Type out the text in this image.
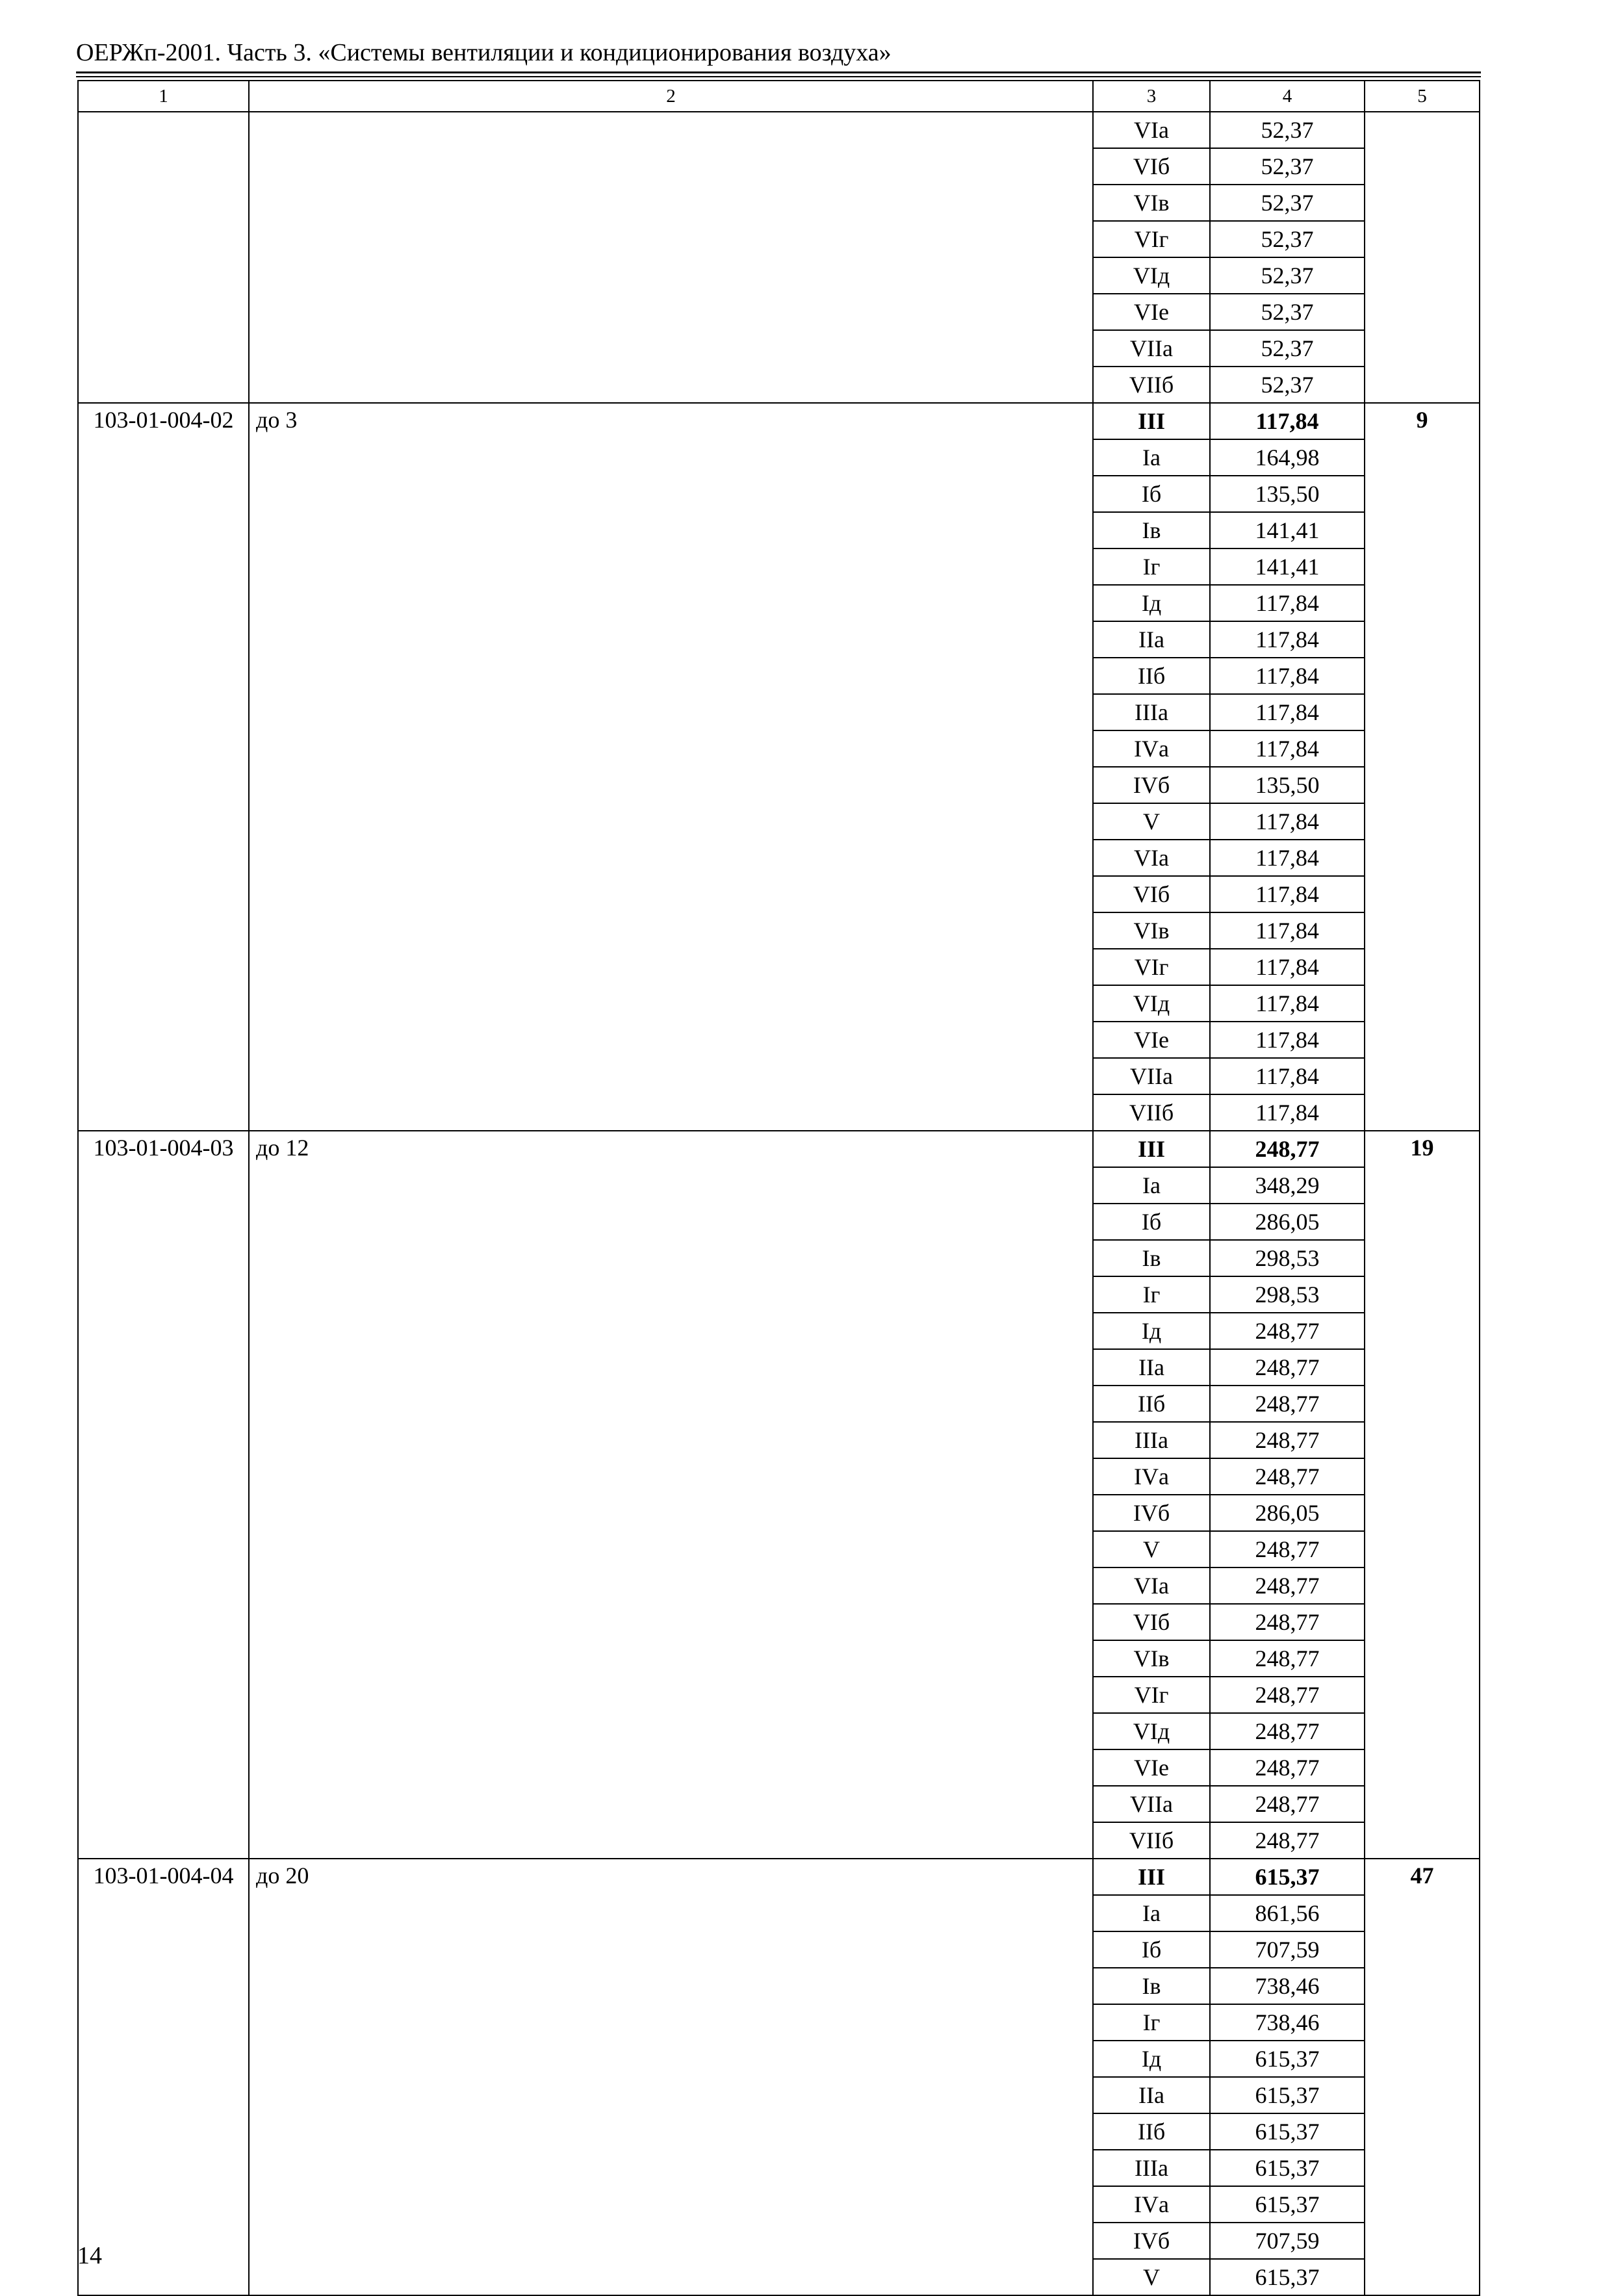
ОЕРЖп-2001. Часть 3. «Системы вентиляции и кондиционирования воздуха»
1	2	3	4	5
		VIа	52,37	
		VIб	52,37	
		VIв	52,37	
		VIг	52,37	
		VIд	52,37	
		VIе	52,37	
		VIIа	52,37	
		VIIб	52,37	
103-01-004-02	до 3	III	117,84	9
		Iа	164,98	
		Iб	135,50	
		Iв	141,41	
		Iг	141,41	
		Iд	117,84	
		IIа	117,84	
		IIб	117,84	
		IIIа	117,84	
		IVа	117,84	
		IVб	135,50	
		V	117,84	
		VIа	117,84	
		VIб	117,84	
		VIв	117,84	
		VIг	117,84	
		VIд	117,84	
		VIе	117,84	
		VIIа	117,84	
		VIIб	117,84	
103-01-004-03	до 12	III	248,77	19
		Iа	348,29	
		Iб	286,05	
		Iв	298,53	
		Iг	298,53	
		Iд	248,77	
		IIа	248,77	
		IIб	248,77	
		IIIа	248,77	
		IVа	248,77	
		IVб	286,05	
		V	248,77	
		VIа	248,77	
		VIб	248,77	
		VIв	248,77	
		VIг	248,77	
		VIд	248,77	
		VIе	248,77	
		VIIа	248,77	
		VIIб	248,77	
103-01-004-04	до 20	III	615,37	47
		Iа	861,56	
		Iб	707,59	
		Iв	738,46	
		Iг	738,46	
		Iд	615,37	
		IIа	615,37	
		IIб	615,37	
		IIIа	615,37	
		IVа	615,37	
		IVб	707,59	
		V	615,37	
14
